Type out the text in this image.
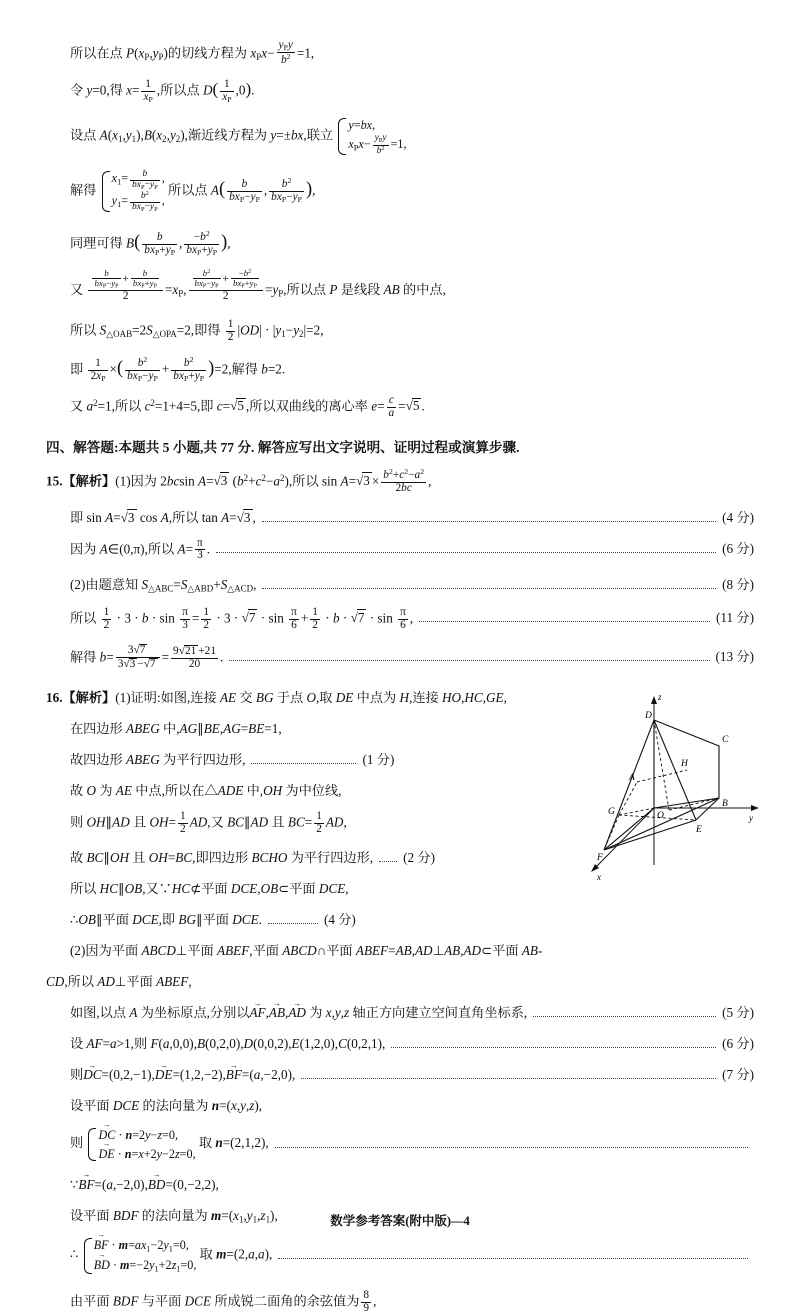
所以在点 $P(x_P,y_P)$的切线方程为 $x_Px- \frac{y_Py}{b^2} =1$,
令 y=0,得 $x= \frac{1}{x_P}$ ,所以点 $D( \frac{1}{x_P} ,0)$.
设点 $A(x_1,y_1),B(x_2,y_2)$,渐近线方程为 y=±bx,联立
y=bx,
$x_Px- \frac{y_Py}{b^2} =1$,
解得
$x_1= \frac{b}{bx_P-y_P}$ ,
$y_1= \frac{b^2}{bx_P-y_P}$ ,
所以点 $A( \frac{b}{bx_P-y_P}$ , $\frac{b^2}{bx_P-y_P}$ ),
同理可得 $B( \frac{b}{bx_P+y_P}$ , $\frac{-b^2}{bx_P+y_P}$ ),
又 $\frac{\frac{b}{bx_P-y_P} + \frac{b}{bx_P+y_P}}{2} =x_P$, $\frac{\frac{b^2}{bx_P-y_P} + \frac{-b^2}{bx_P+y_P}}{2} =y_P$,所以点 P 是线段 AB 的中点,
所以 $S_{\triangle OAB}=2S_{\triangle OPA}=2$,即得 $\frac{1}{2} |OD| \cdot |y_1-y_2|=2$,
即 $\frac{1}{2x_P}$ ×( $\frac{b^2}{bx_P-y_P} + \frac{b^2}{bx_P+y_P} )=2$,解得 b=2.
又 $a^2=1$,所以 $c^2=1+4=5$,即 c=√5 ,所以双曲线的离心率 $e= \frac{c}{a} =√5$ .
四、解答题:本题共 5 小题,共 77 分. 解答应写出文字说明、证明过程或演算步骤.
15.【解析】(1)因为 2bcsin A=√3 $(b^2+c^2-a^2)$,所以 $\sin A=√3 \times \frac{b^2+c^2-a^2}{2bc}$ ,
即 sin A=√3 cos A,所以 tan A=√3 ,	(4 分)
因为 A∈(0,π),所以 $A= \frac{\pi}{3}$ .	(6 分)
(2)由题意知 $S_{\triangle ABC}=S_{\triangle ABD}+S_{\triangle ACD}$,	(8 分)
所以 $\frac{1}{2} \cdot 3 \cdot b \cdot \sin \frac{\pi}{3} = \frac{1}{2} \cdot 3 \cdot √7 \cdot \sin \frac{\pi}{6} + \frac{1}{2} \cdot b \cdot √7 \cdot \sin \frac{\pi}{6}$ ,	(11 分)
解得 $b= \frac{3√7}{3√3 -√7} = \frac{9√21 +21}{20}$ .	(13 分)
16.【解析】(1)证明:如图,连接 AE 交 BG 于点 O,取 DE 中点为 H,连接 HO,HC,GE,
在四边形 ABEG 中,AG∥BE,AG=BE=1,
故四边形 ABEG 为平行四边形,	(1 分)
故 O 为 AE 中点,所以在△ADE 中,OH 为中位线,
则 OH∥AD 且 $OH= \frac{1}{2}$ AD,又 BC∥AD 且 $BC= \frac{1}{2}$ AD,
故 BC∥OH 且 OH=BC,即四边形 BCHO 为平行四边形, (2 分)
所以 HC∥OB,又∵HC⊄平面 DCE,OB⊂平面 DCE,
∴OB∥平面 DCE,即 BG∥平面 DCE.	(4 分)
(2)因为平面 ABCD⊥平面 ABEF,平面 ABCD∩平面 ABEF=AB,AD⊥AB,AD⊂平面 AB-
CD,所以 AD⊥平面 ABEF,
如图,以点 A 为坐标原点,分别以AF →,AB →,AD → 为 x,y,z 轴正方向建立空间直角坐标系,	(5 分)
设 AF=a>1,则 F(a,0,0),B(0,2,0),D(0,0,2),E(1,2,0),C(0,2,1),	(6 分)
则DC →=(0,2,−1),DE →=(1,2,−2),BF →=(a,−2,0),	(7 分)
设平面 DCE 的法向量为 n=(x,y,z),
则
DC → · n=2y−z=0,
DE → · n=x+2y−2z=0,
取 n=(2,1,2),
∵BF →=(a,−2,0),BD →=(0,−2,2),
设平面 BDF 的法向量为 $m=(x_1,y_1,z_1)$,
∴
BF → · $m=ax_1-2y_1=0$,
BD → · $m=-2y_1+2z_1=0$,
取 m=(2,a,a),
由平面 BDF 与平面 DCE 所成锐二面角的余弦值为 $\frac{8}{9}$ ,
z
y
x
D
C
H
A
B
G	O
E
F
数学参考答案(附中版)—4
